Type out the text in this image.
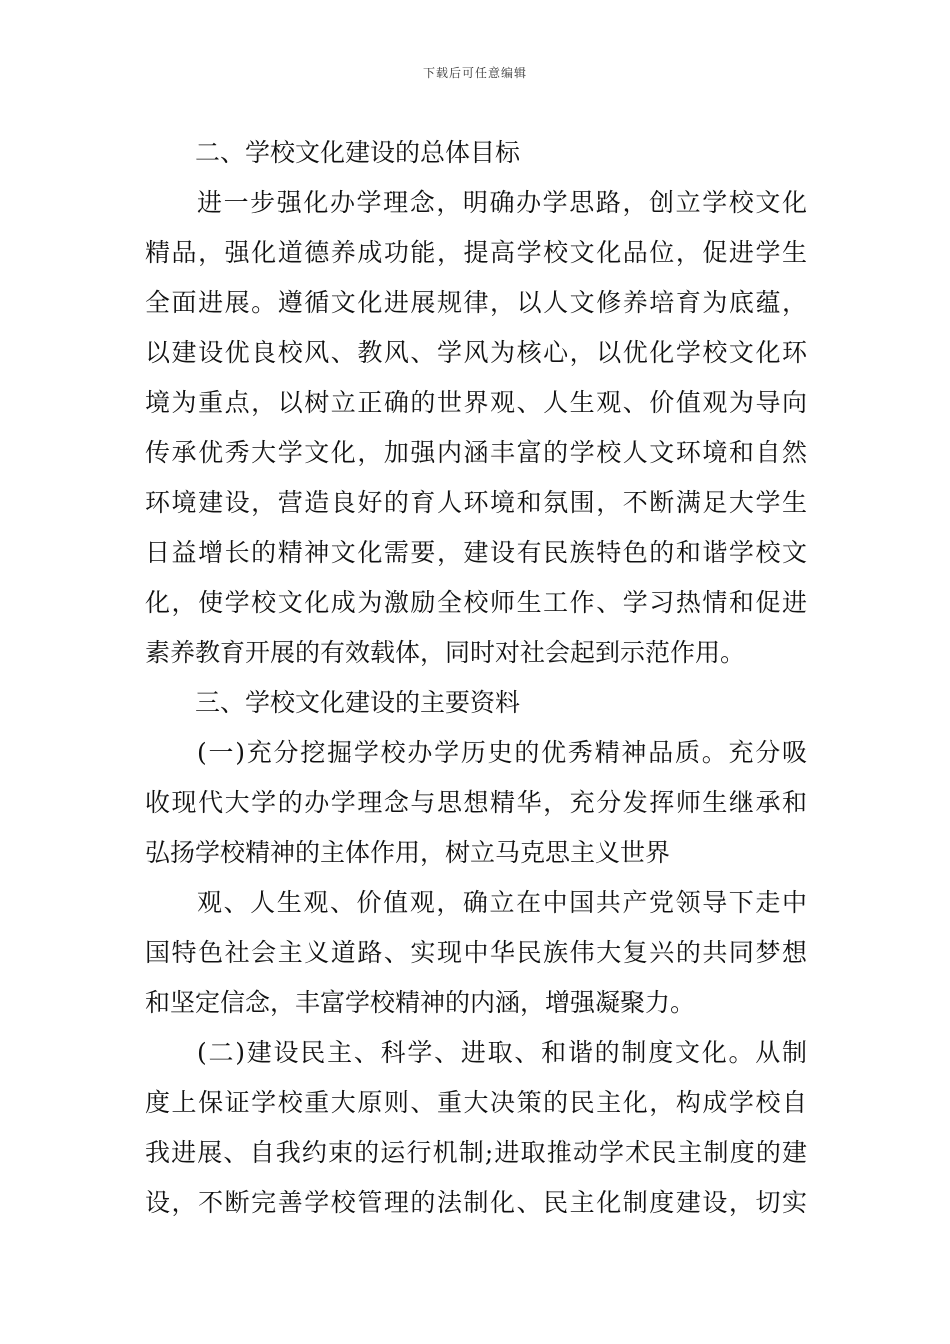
下载后可任意编辑
二、学校文化建设的总体目标
进一步强化办学理念，明确办学思路，创立学校文化
精品，强化道德养成功能，提高学校文化品位，促进学生
全面进展。遵循文化进展规律，以人文修养培育为底蕴，
以建设优良校风、教风、学风为核心，以优化学校文化环
境为重点，以树立正确的世界观、人生观、价值观为导向
传承优秀大学文化，加强内涵丰富的学校人文环境和自然
环境建设，营造良好的育人环境和氛围，不断满足大学生
日益增长的精神文化需要，建设有民族特色的和谐学校文
化，使学校文化成为激励全校师生工作、学习热情和促进
素养教育开展的有效载体，同时对社会起到示范作用。
三、学校文化建设的主要资料
(一)充分挖掘学校办学历史的优秀精神品质。充分吸
收现代大学的办学理念与思想精华，充分发挥师生继承和
弘扬学校精神的主体作用，树立马克思主义世界
观、人生观、价值观，确立在中国共产党领导下走中
国特色社会主义道路、实现中华民族伟大复兴的共同梦想
和坚定信念，丰富学校精神的内涵，增强凝聚力。
(二)建设民主、科学、进取、和谐的制度文化。从制
度上保证学校重大原则、重大决策的民主化，构成学校自
我进展、自我约束的运行机制;进取推动学术民主制度的建
设，不断完善学校管理的法制化、民主化制度建设，切实
